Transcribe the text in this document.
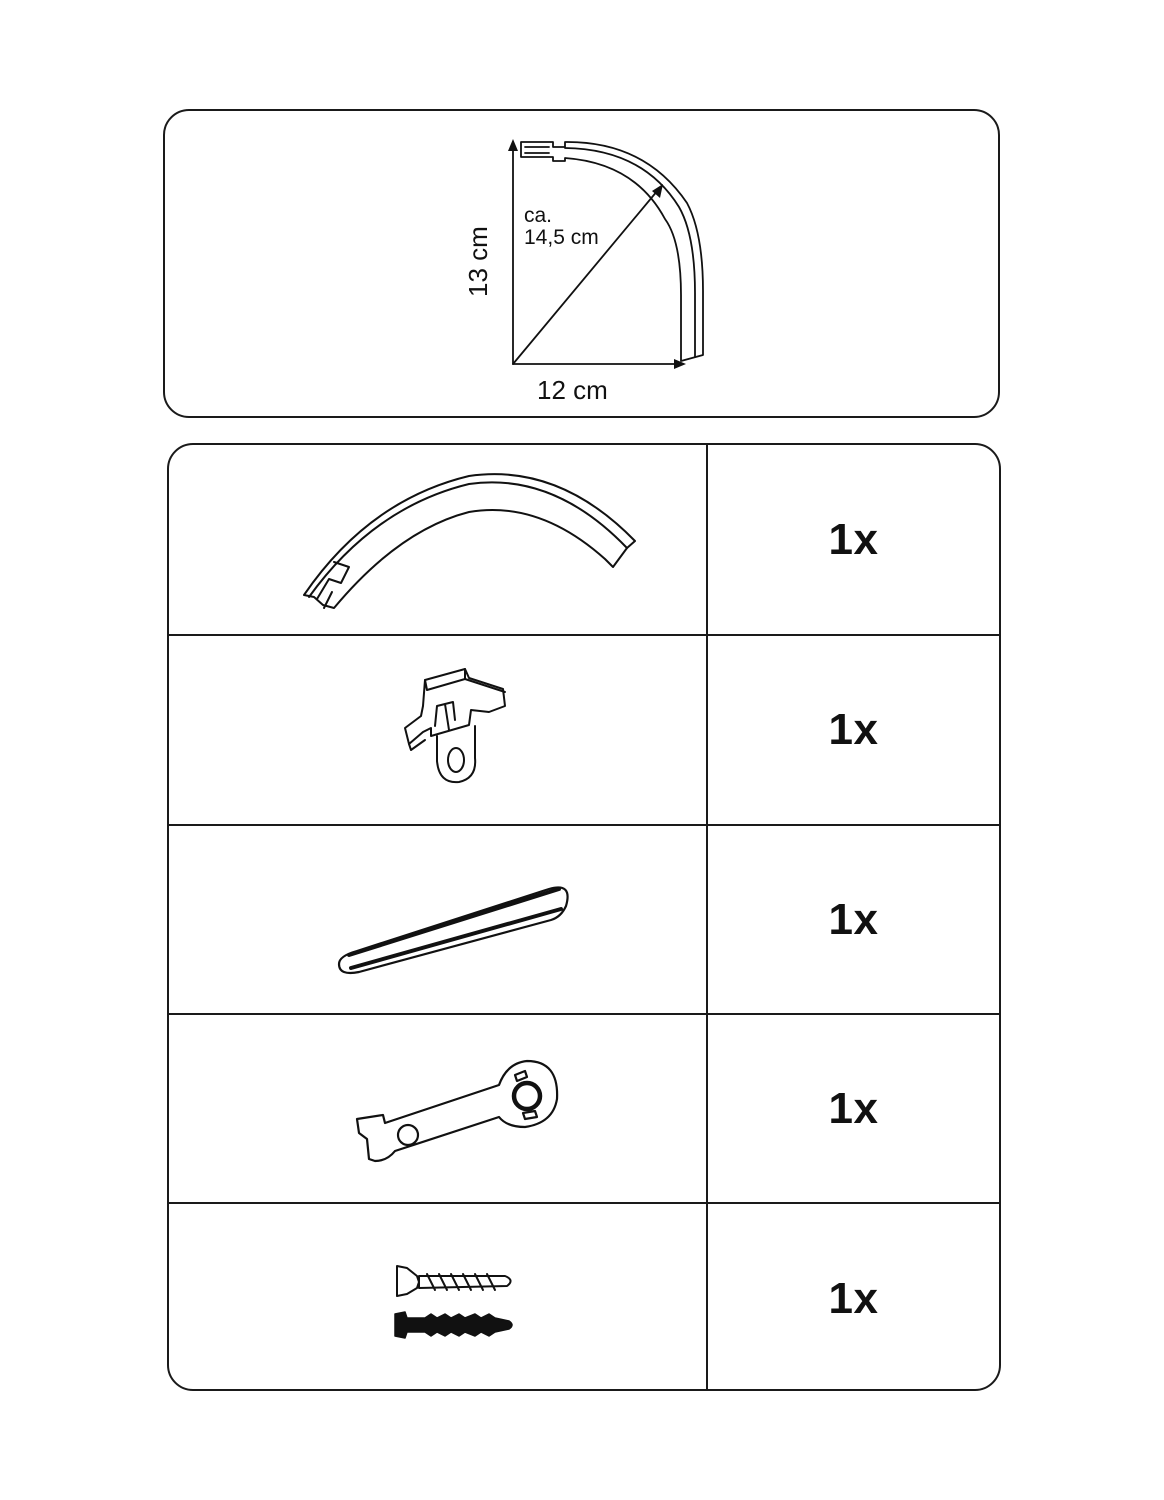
ca.
14,5 cm
12 cm
13 cm
1x
1x
1x
1x
1x
